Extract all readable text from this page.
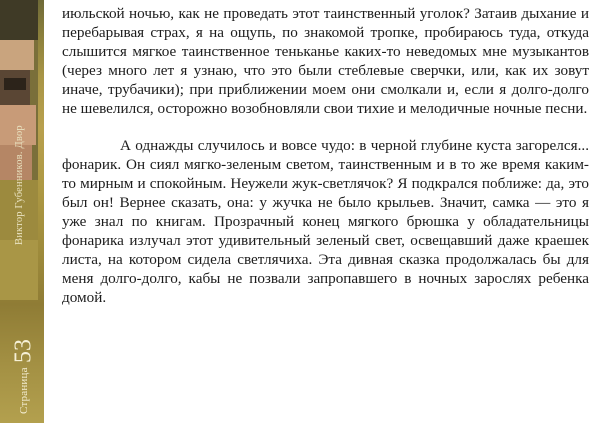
Виктор Губенников. Двор
Страница
53

июльской ночью, как не проведать этот таинственный уголок? Затаив дыхание и перебарывая страх, я на ощупь, по знакомой тропке, пробираюсь туда, откуда слышится мягкое таинственное теньканье каких-то неведомых мне музыкантов (через много лет я узнаю, что это были стеблевые сверчки, или, как их зовут иначе, трубачики); при приближении моем они смолкали и, если я долго-долго не шевелился, осторожно возобновляли свои тихие и мелодичные ночные песни.

А однажды случилось и вовсе чудо: в черной глубине куста загорелся... фонарик. Он сиял мягко-зеленым светом, таинственным и в то же время каким-то мирным и спокойным. Неужели жук-светлячок? Я подкрался поближе: да, это был он! Вернее сказать, она: у жучка не было крыльев. Значит, самка — это я уже знал по книгам. Прозрачный конец мягкого брюшка у обладательницы фонарика излучал этот удивительный зеленый свет, освещавший даже краешек листа, на котором сидела светлячиха. Эта дивная сказка продолжалась бы для меня долго-долго, кабы не позвали запропавшего в ночных зарослях ребенка домой.
